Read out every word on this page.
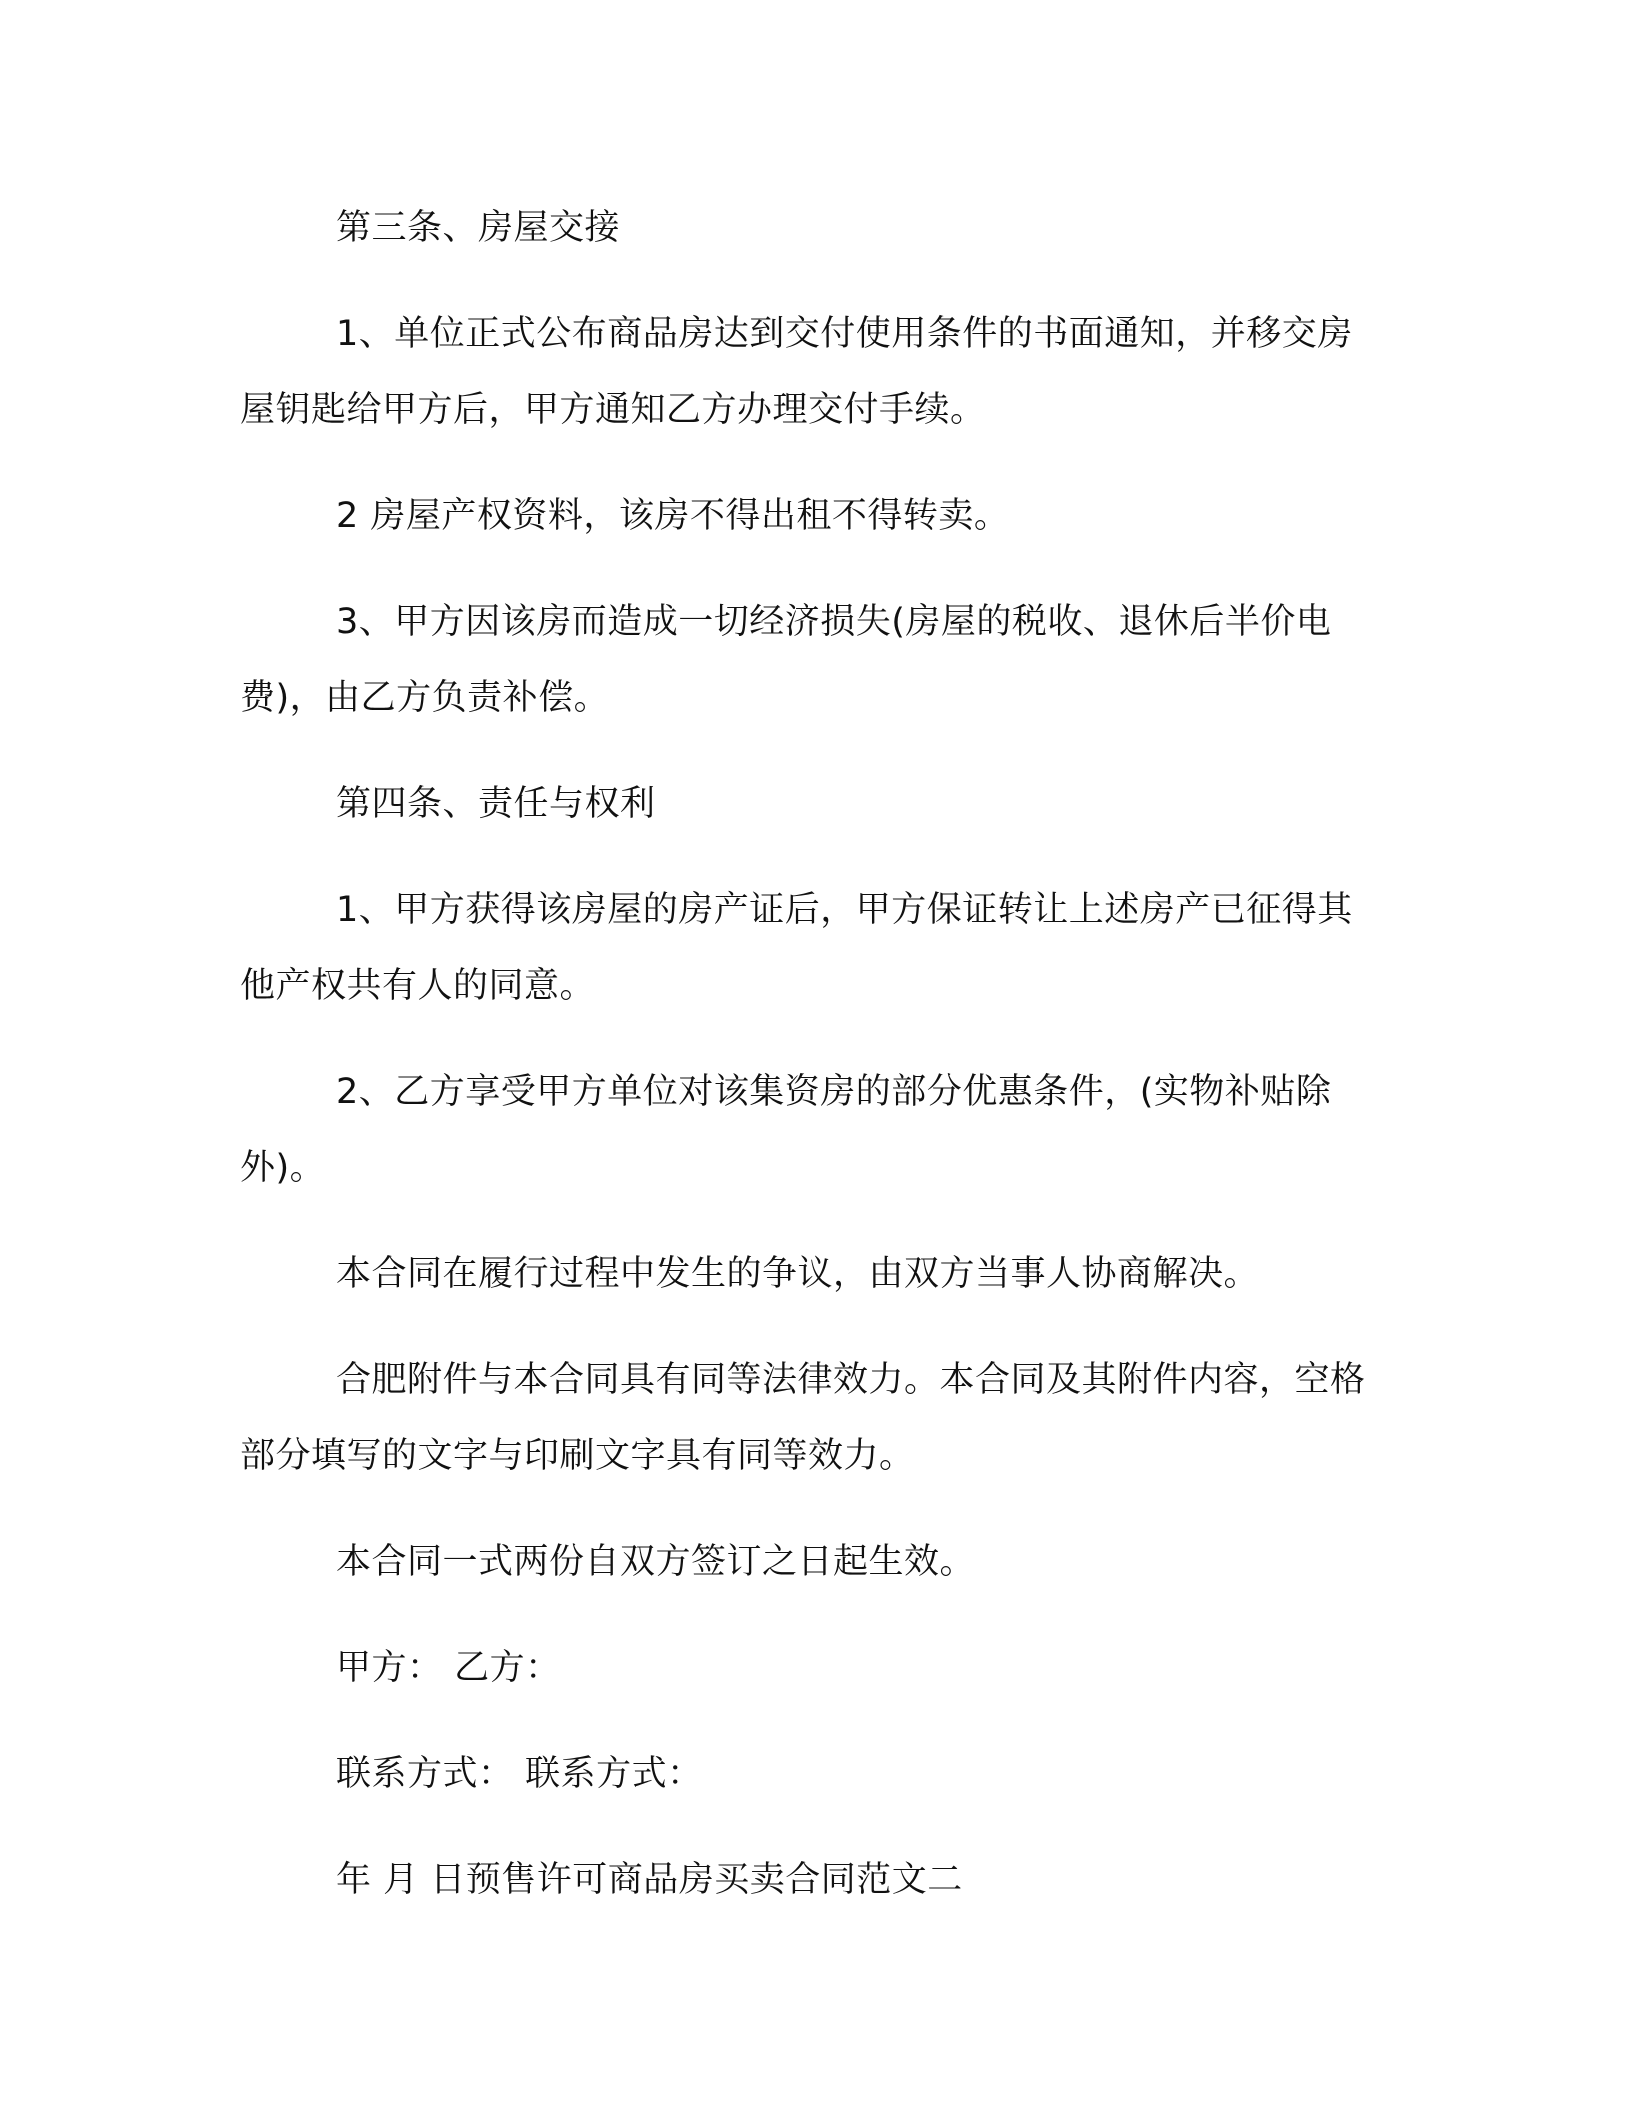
第三条、房屋交接

1、单位正式公布商品房达到交付使用条件的书面通知，并移交房屋钥匙给甲方后，甲方通知乙方办理交付手续。

2 房屋产权资料，该房不得出租不得转卖。

3、甲方因该房而造成一切经济损失(房屋的税收、退休后半价电费)，由乙方负责补偿。

第四条、责任与权利

1、甲方获得该房屋的房产证后，甲方保证转让上述房产已征得其他产权共有人的同意。

2、乙方享受甲方单位对该集资房的部分优惠条件，(实物补贴除外)。

本合同在履行过程中发生的争议，由双方当事人协商解决。

合肥附件与本合同具有同等法律效力。本合同及其附件内容，空格部分填写的文字与印刷文字具有同等效力。

本合同一式两份自双方签订之日起生效。

甲方： 乙方：

联系方式： 联系方式：

年 月 日预售许可商品房买卖合同范文二
